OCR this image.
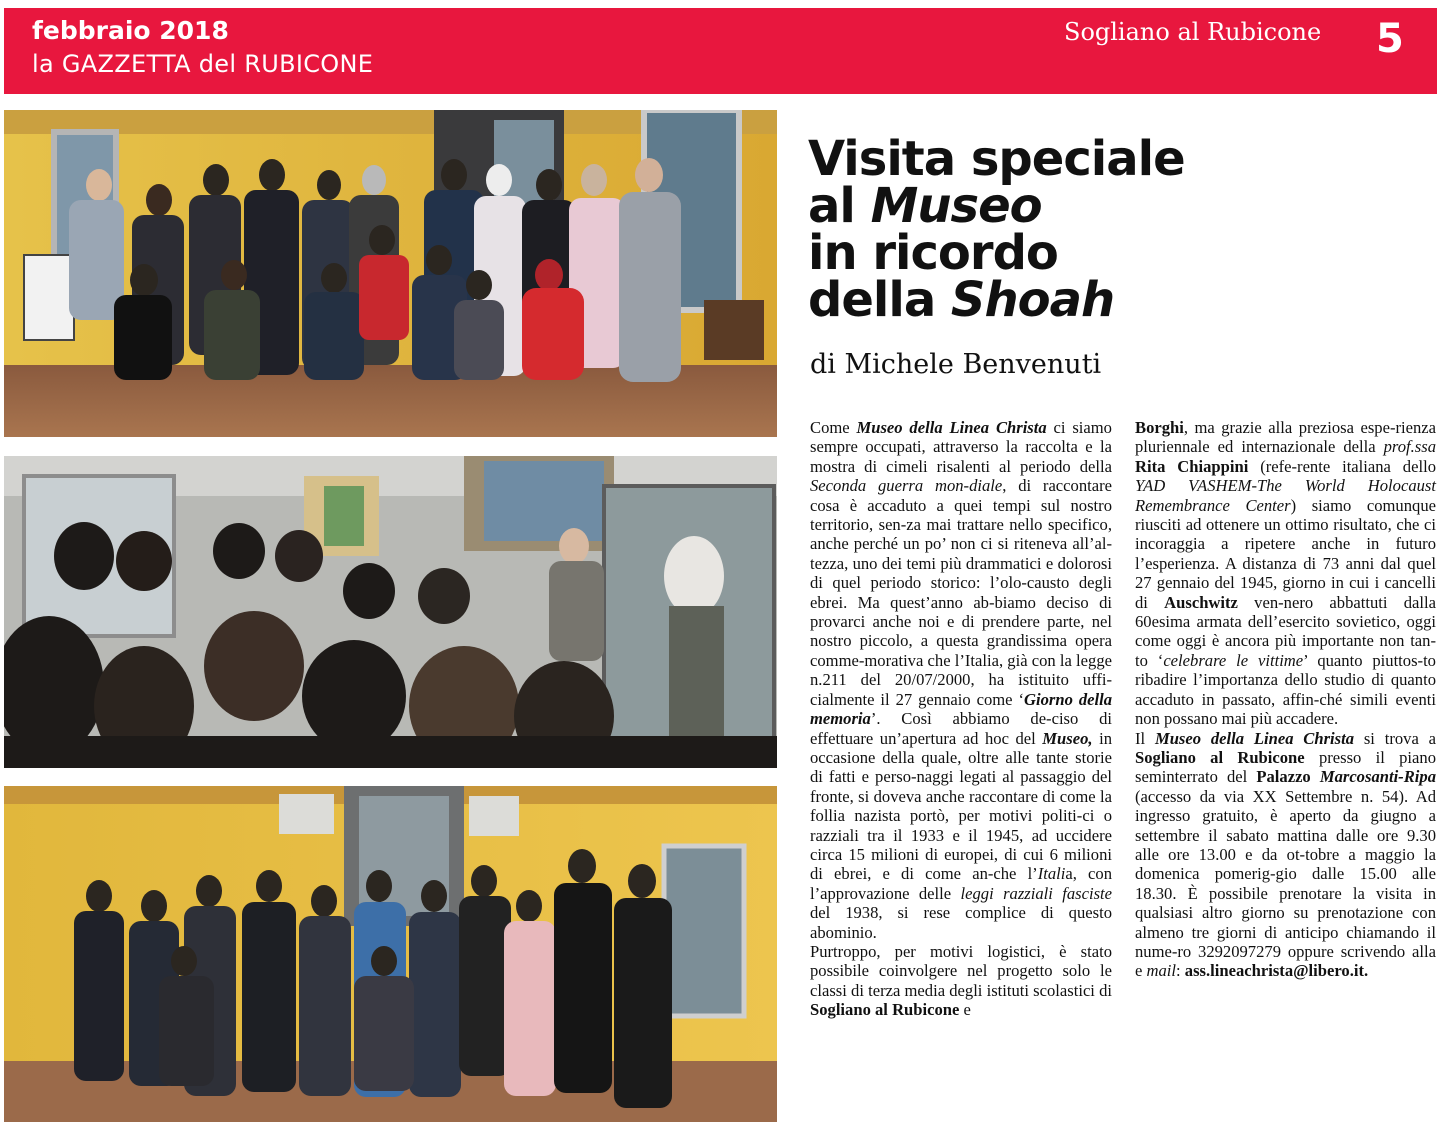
febbraio 2018
la GAZZETTA del RUBICONE
Sogliano al Rubicone 5
Visita speciale
al Museo
in ricordo
della Shoah
di Michele Benvenuti

Come Museo della Linea Christa ci siamo sempre occupati, attraverso la raccolta e la mostra di cimeli risalenti al periodo della Seconda guerra mon-diale, di raccontare cosa è accaduto a quei tempi sul nostro territorio, sen-za mai trattare nello specifico, anche perché un po’ non ci si riteneva all’al-tezza, uno dei temi più drammatici e dolorosi di quel periodo storico: l’olo-causto degli ebrei. Ma quest’anno ab-biamo deciso di provarci anche noi e di prendere parte, nel nostro piccolo, a questa grandissima opera comme-morativa che l’Italia, già con la legge n.211 del 20/07/2000, ha istituito uffi-cialmente il 27 gennaio come ‘Giorno della memoria’. Così abbiamo de-ciso di effettuare un’apertura ad hoc del Museo, in occasione della quale, oltre alle tante storie di fatti e perso-naggi legati al passaggio del fronte, si doveva anche raccontare di come la follia nazista portò, per motivi politi-ci o razziali tra il 1933 e il 1945, ad uccidere circa 15 milioni di europei, di cui 6 milioni di ebrei, e di come an-che l’Italia, con l’approvazione delle leggi razziali fasciste del 1938, si rese complice di questo abominio.
Purtroppo, per motivi logistici, è stato possibile coinvolgere nel progetto solo le classi di terza media degli istituti scolastici di Sogliano al Rubicone e

Borghi, ma grazie alla preziosa espe-rienza pluriennale ed internazionale della prof.ssa Rita Chiappini (refe-rente italiana dello YAD VASHEM-The World Holocaust Remembrance Center) siamo comunque riusciti ad ottenere un ottimo risultato, che ci incoraggia a ripetere anche in futuro l’esperienza. A distanza di 73 anni dal quel 27 gennaio del 1945, giorno in cui i cancelli di Auschwitz ven-nero abbattuti dalla 60esima armata dell’esercito sovietico, oggi come oggi è ancora più importante non tan-to ‘celebrare le vittime’ quanto piuttos-to ribadire l’importanza dello studio di quanto accaduto in passato, affin-ché simili eventi non possano mai più accadere.
Il Museo della Linea Christa si trova a Sogliano al Rubicone presso il piano seminterrato del Palazzo Marcosanti-Ripa (accesso da via XX Settembre n. 54). Ad ingresso gratuito, è aperto da giugno a settembre il sabato mattina dalle ore 9.30 alle ore 13.00 e da ot-tobre a maggio la domenica pomerig-gio dalle 15.00 alle 18.30. È possibile prenotare la visita in qualsiasi altro giorno su prenotazione con almeno tre giorni di anticipo chiamando il nume-ro 3292097279 oppure scrivendo alla e mail: ass.lineachrista@libero.it.
